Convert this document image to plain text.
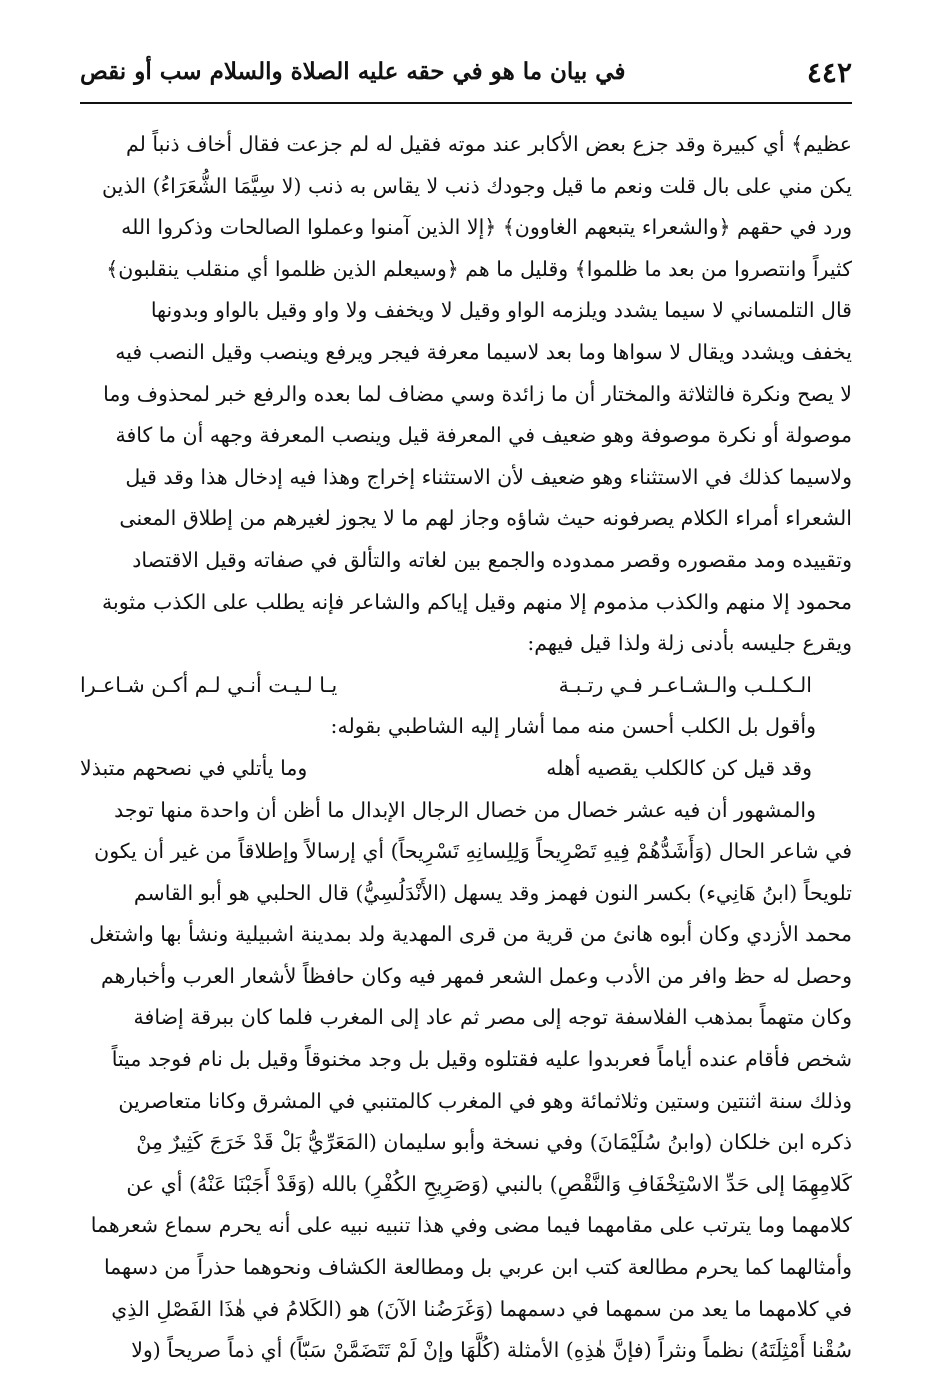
٤٤٢
في بيان ما هو في حقه عليه الصلاة والسلام سب أو نقص
عظيم﴾ أي كبيرة وقد جزع بعض الأكابر عند موته فقيل له لم جزعت فقال أخاف ذنباً لم
يكن مني على بال قلت ونعم ما قيل وجودك ذنب لا يقاس به ذنب (لا سِيَّمَا الشُّعَرَاءُ) الذين
ورد في حقهم ﴿والشعراء يتبعهم الغاوون﴾ ﴿إلا الذين آمنوا وعملوا الصالحات وذكروا الله
كثيراً وانتصروا من بعد ما ظلموا﴾ وقليل ما هم ﴿وسيعلم الذين ظلموا أي منقلب ينقلبون﴾
قال التلمساني لا سيما يشدد ويلزمه الواو وقيل لا ويخفف ولا واو وقيل بالواو وبدونها
يخفف ويشدد ويقال لا سواها وما بعد لاسيما معرفة فيجر ويرفع وينصب وقيل النصب فيه
لا يصح ونكرة فالثلاثة والمختار أن ما زائدة وسي مضاف لما بعده والرفع خبر لمحذوف وما
موصولة أو نكرة موصوفة وهو ضعيف في المعرفة قيل وينصب المعرفة وجهه أن ما كافة
ولاسيما كذلك في الاستثناء وهو ضعيف لأن الاستثناء إخراج وهذا فيه إدخال هذا وقد قيل
الشعراء أمراء الكلام يصرفونه حيث شاؤه وجاز لهم ما لا يجوز لغيرهم من إطلاق المعنى
وتقييده ومد مقصوره وقصر ممدوده والجمع بين لغاته والتألق في صفاته وقيل الاقتصاد
محمود إلا منهم والكذب مذموم إلا منهم وقيل إياكم والشاعر فإنه يطلب على الكذب مثوبة
ويقرع جليسه بأدنى زلة ولذا قيل فيهم:
الـكـلـب والـشـاعـر فـي رتـبـة
يـا لـيـت أنـي لـم أكـن شـاعـرا
وأقول بل الكلب أحسن منه مما أشار إليه الشاطبي بقوله:
وقد قيل كن كالكلب يقصيه أهله
وما يأتلي في نصحهم متبذلا
والمشهور أن فيه عشر خصال من خصال الرجال الإبدال ما أظن أن واحدة منها توجد
في شاعر الحال (وَأَشَدُّهُمْ فِيهِ تَصْرِيحاً وَلِلِسانِهِ تَسْرِيحاً) أي إرسالاً وإطلاقاً من غير أن يكون
تلويحاً (ابنُ هَانِيء) بكسر النون فهمز وقد يسهل (الأَنْدَلُسِيُّ) قال الحلبي هو أبو القاسم
محمد الأزدي وكان أبوه هانئ من قرية من قرى المهدية ولد بمدينة اشبيلية ونشأ بها واشتغل
وحصل له حظ وافر من الأدب وعمل الشعر فمهر فيه وكان حافظاً لأشعار العرب وأخبارهم
وكان متهماً بمذهب الفلاسفة توجه إلى مصر ثم عاد إلى المغرب فلما كان ببرقة إضافة
شخص فأقام عنده أياماً فعربدوا عليه فقتلوه وقيل بل وجد مخنوقاً وقيل بل نام فوجد ميتاً
وذلك سنة اثنتين وستين وثلاثمائة وهو في المغرب كالمتنبي في المشرق وكانا متعاصرين
ذكره ابن خلكان (وابنُ سُلَيْمَانَ) وفي نسخة وأبو سليمان (المَعَرِّيُّ بَلْ قَدْ خَرَجَ كَثِيرٌ مِنْ
كَلامِهِمَا إلى حَدِّ الاسْتِخْفَافِ وَالنَّقْصِ) بالنبي (وَصَرِيحِ الكُفْرِ) بالله (وَقَدْ أَجَبْنَا عَنْهُ) أي عن
كلامهما وما يترتب على مقامهما فيما مضى وفي هذا تنبيه نبيه على أنه يحرم سماع شعرهما
وأمثالهما كما يحرم مطالعة كتب ابن عربي بل ومطالعة الكشاف ونحوهما حذراً من دسهما
في كلامهما ما يعد من سمهما في دسمهما (وَغَرَضُنا الآنَ) هو (الكَلامُ في هٰذَا الفَصْلِ الذِي
سُقْنا أَمْثِلَتَهُ) نظماً ونثراً (فإنَّ هٰذِهِ) الأمثلة (كُلَّهَا وإنْ لَمْ تَتَضَمَّنْ سَبّاً) أي ذماً صريحاً (ولا
